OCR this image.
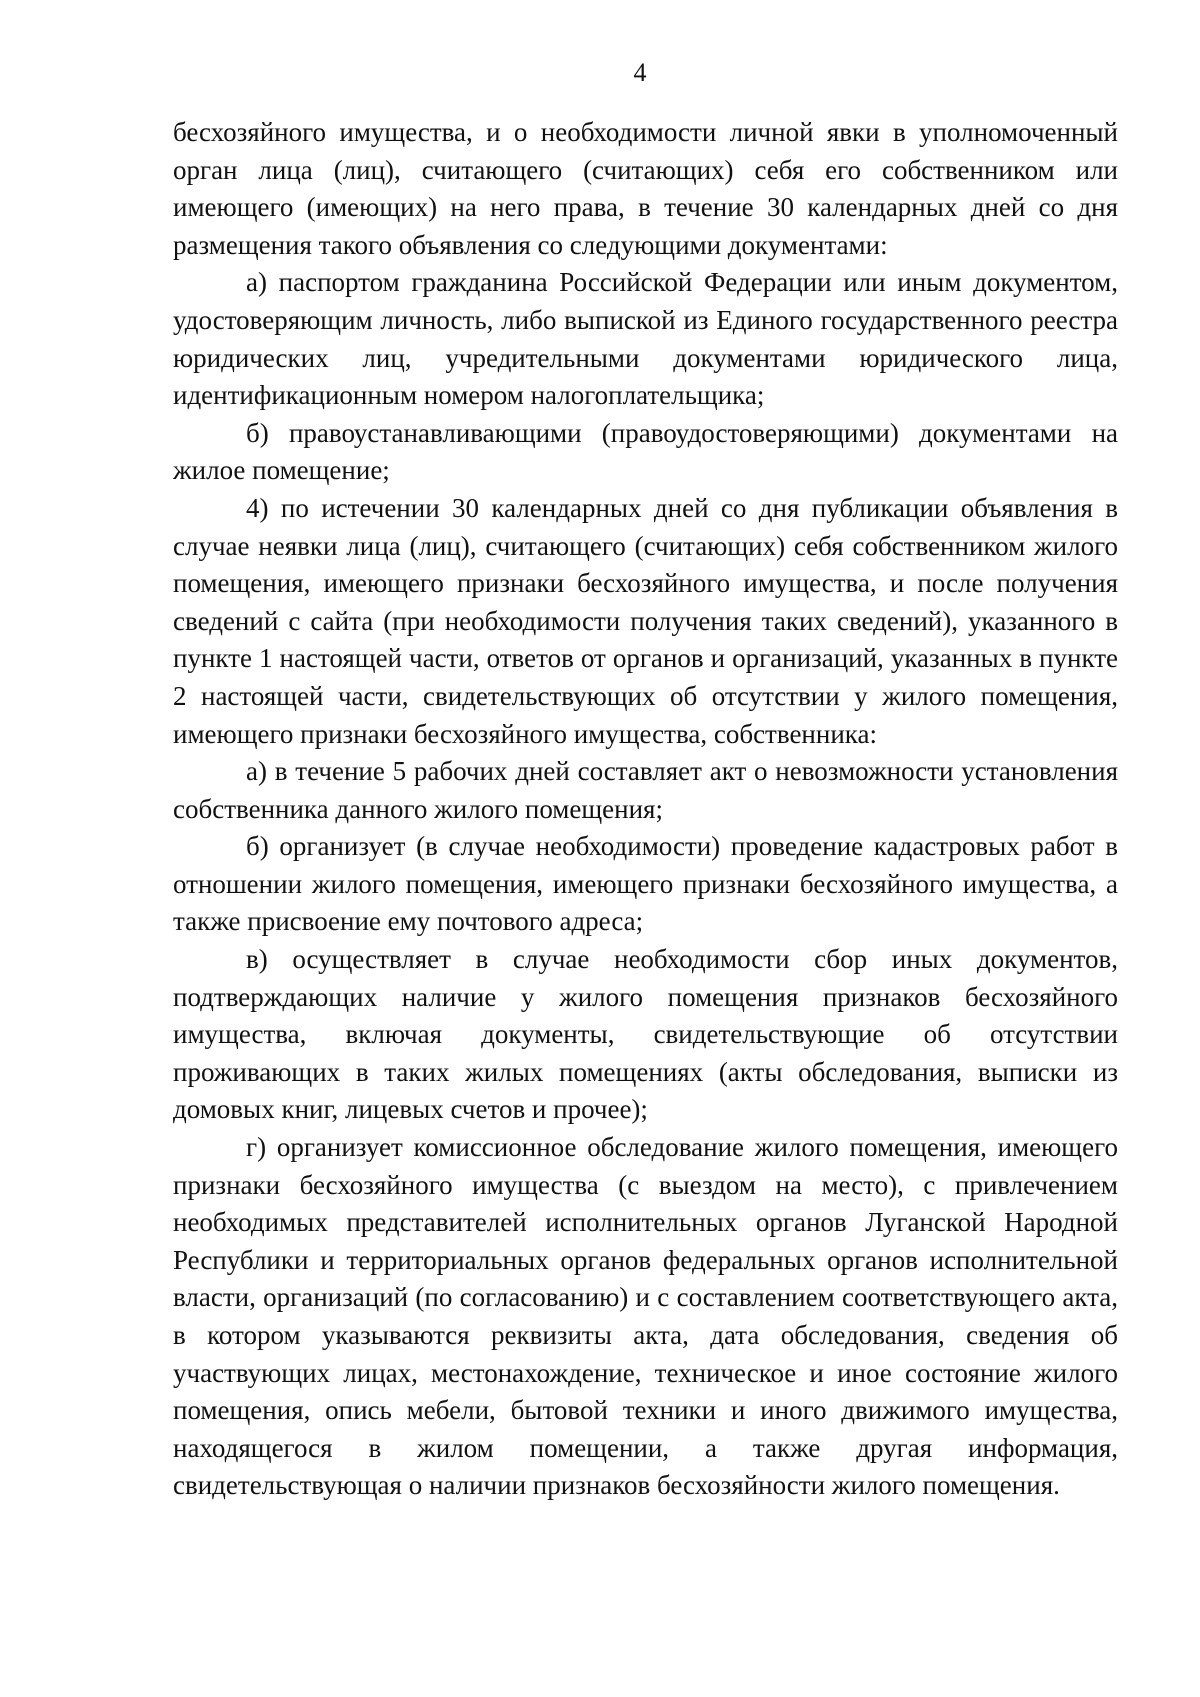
4

бесхозяйного имущества, и о необходимости личной явки в уполномоченный орган лица (лиц), считающего (считающих) себя его собственником или имеющего (имеющих) на него права, в течение 30 календарных дней со дня размещения такого объявления со следующими документами:

а) паспортом гражданина Российской Федерации или иным документом, удостоверяющим личность, либо выпиской из Единого государственного реестра юридических лиц, учредительными документами юридического лица, идентификационным номером налогоплательщика;

б) правоустанавливающими (правоудостоверяющими) документами на жилое помещение;

4) по истечении 30 календарных дней со дня публикации объявления в случае неявки лица (лиц), считающего (считающих) себя собственником жилого помещения, имеющего признаки бесхозяйного имущества, и после получения сведений с сайта (при необходимости получения таких сведений), указанного в пункте 1 настоящей части, ответов от органов и организаций, указанных в пункте 2 настоящей части, свидетельствующих об отсутствии у жилого помещения, имеющего признаки бесхозяйного имущества, собственника:

а) в течение 5 рабочих дней составляет акт о невозможности установления собственника данного жилого помещения;

б) организует (в случае необходимости) проведение кадастровых работ в отношении жилого помещения, имеющего признаки бесхозяйного имущества, а также присвоение ему почтового адреса;

в) осуществляет в случае необходимости сбор иных документов, подтверждающих наличие у жилого помещения признаков бесхозяйного имущества, включая документы, свидетельствующие об отсутствии проживающих в таких жилых помещениях (акты обследования, выписки из домовых книг, лицевых счетов и прочее);

г) организует комиссионное обследование жилого помещения, имеющего признаки бесхозяйного имущества (с выездом на место), с привлечением необходимых представителей исполнительных органов Луганской Народной Республики и территориальных органов федеральных органов исполнительной власти, организаций (по согласованию) и с составлением соответствующего акта, в котором указываются реквизиты акта, дата обследования, сведения об участвующих лицах, местонахождение, техническое и иное состояние жилого помещения, опись мебели, бытовой техники и иного движимого имущества, находящегося в жилом помещении, а также другая информация, свидетельствующая о наличии признаков бесхозяйности жилого помещения.
